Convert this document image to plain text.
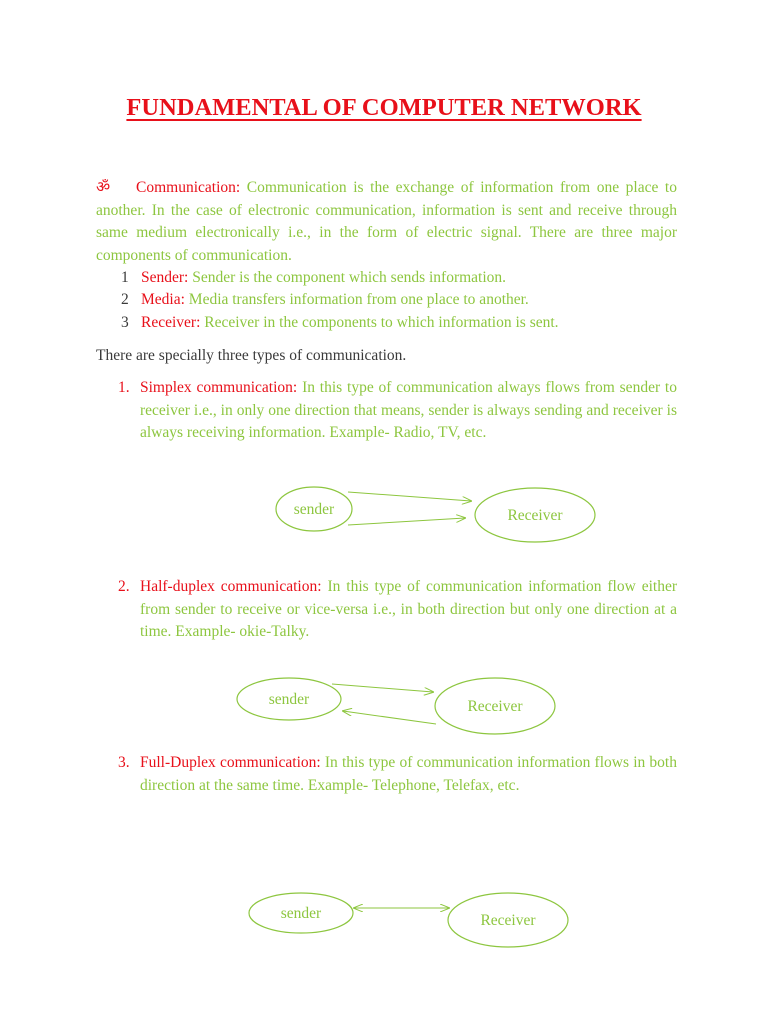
FUNDAMENTAL OF COMPUTER NETWORK
ॐ Communication: Communication is the exchange of information from one place to another. In the case of electronic communication, information is sent and receive through same medium electronically i.e., in the form of electric signal. There are three major components of communication.
1 Sender: Sender is the component which sends information.
2 Media: Media transfers information from one place to another.
3 Receiver: Receiver in the components to which information is sent.
There are specially three types of communication.
1. Simplex communication: In this type of communication always flows from sender to receiver i.e., in only one direction that means, sender is always sending and receiver is always receiving information. Example- Radio, TV, etc.
sender	Receiver
2. Half-duplex communication: In this type of communication information flow either from sender to receive or vice-versa i.e., in both direction but only one direction at a time. Example- okie-Talky.
sender	Receiver
3. Full-Duplex communication: In this type of communication information flows in both direction at the same time. Example- Telephone, Telefax, etc.
sender	Receiver
